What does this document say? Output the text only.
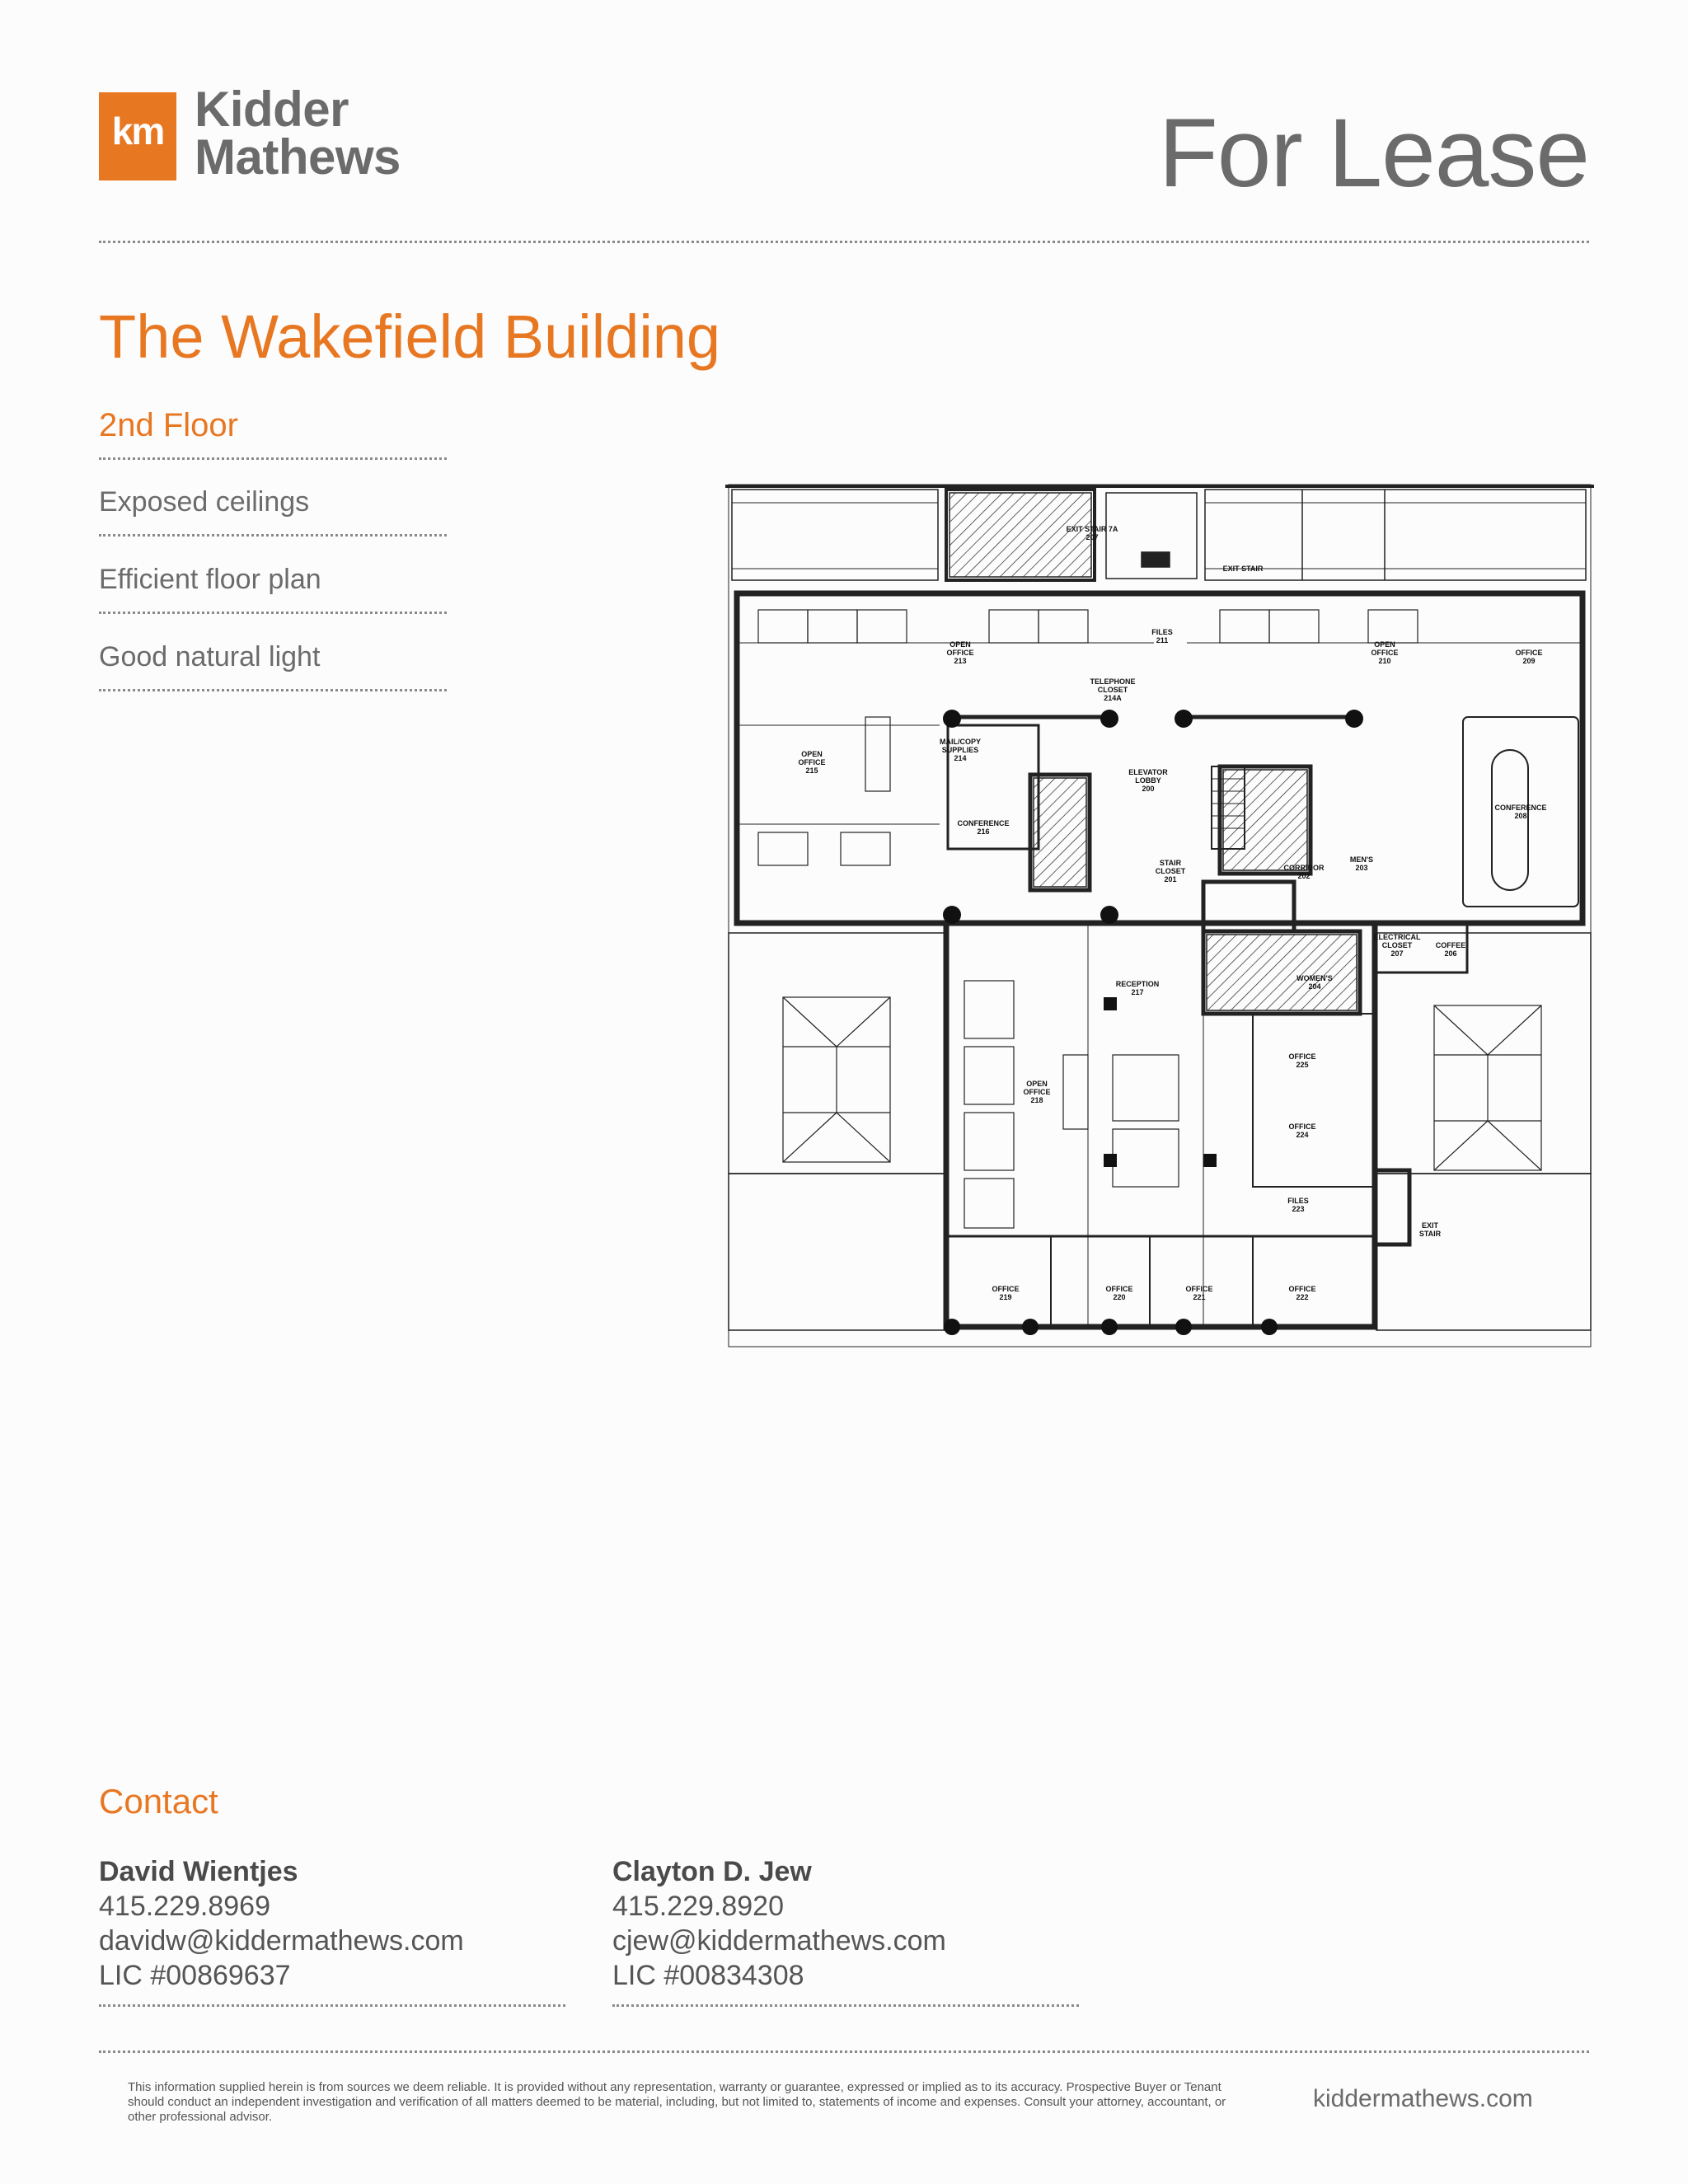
km Kidder
Mathews	For Lease
The Wakefield Building
2nd Floor
Exposed ceilings
Efficient floor plan
Good natural light	OPEN OFFICE 213
FILES 211	OPEN OFFICE 210
OFFICE 209
TELEPHONE CLOSET 214A
MAIL/COPY SUPPLIES 214
OPEN OFFICE 215	ELEVATOR LOBBY 200
CONFERENCE 216
CONFERENCE 208
STAIR CLOSET 201
CORRIDOR 202
MEN'S 203
ELECTRICAL CLOSET 207
COFFEE 206
RECEPTION 217
WOMEN'S 204
OPEN OFFICE 218
OFFICE 225
OFFICE 224
FILES 223
OFFICE 219
OFFICE 220
OFFICE 221
OFFICE 222
EXIT STAIR 7A 207
EXIT STAIR
EXIT STAIR
Contact
David Wientjes
415.229.8969
davidw@kiddermathews.com
LIC #00869637
Clayton D. Jew
415.229.8920
cjew@kiddermathews.com
LIC #00834308
This information supplied herein is from sources we deem reliable. It is provided without any representation, warranty or guarantee, expressed or implied as to its accuracy. Prospective Buyer or Tenant should conduct an independent investigation and verification of all matters deemed to be material, including, but not limited to, statements of income and expenses. Consult your attorney, accountant, or other professional advisor.
kiddermathews.com
